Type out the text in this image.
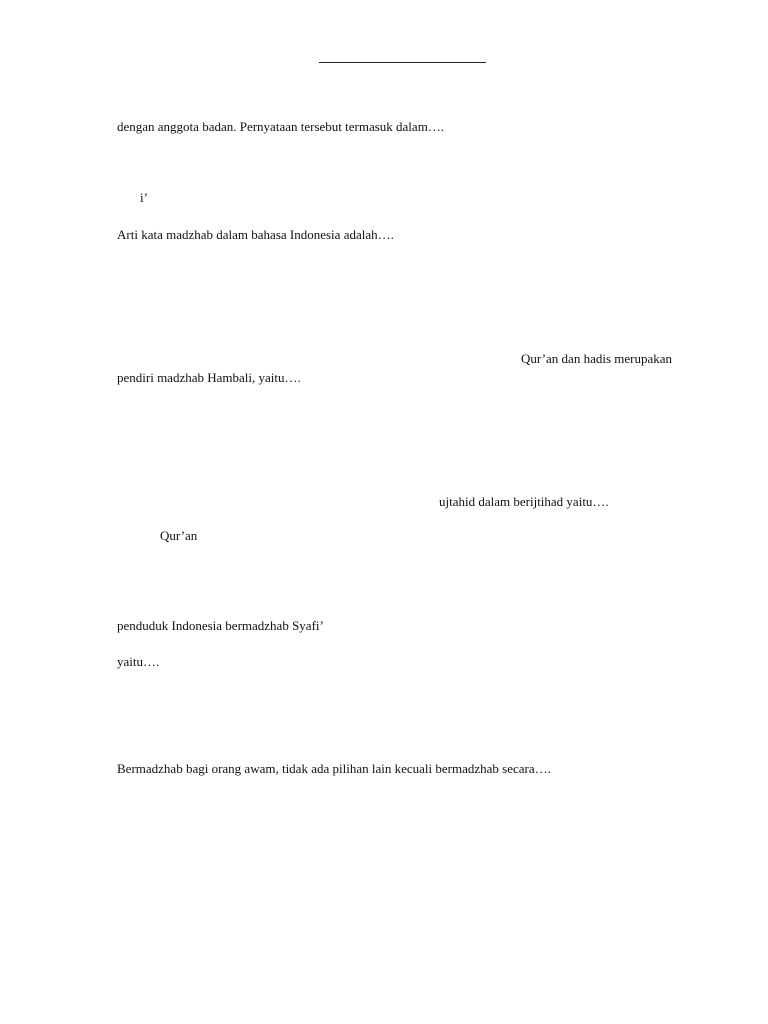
dengan anggota badan. Pernyataan tersebut termasuk dalam….
i’
Arti kata madzhab dalam bahasa Indonesia adalah….
Qur’an dan hadis merupakan
pendiri madzhab Hambali, yaitu….
ujtahid dalam berijtihad yaitu….
Qur’an
penduduk Indonesia bermadzhab Syafi’
yaitu….
Bermadzhab bagi orang awam, tidak ada pilihan lain kecuali bermadzhab secara….
